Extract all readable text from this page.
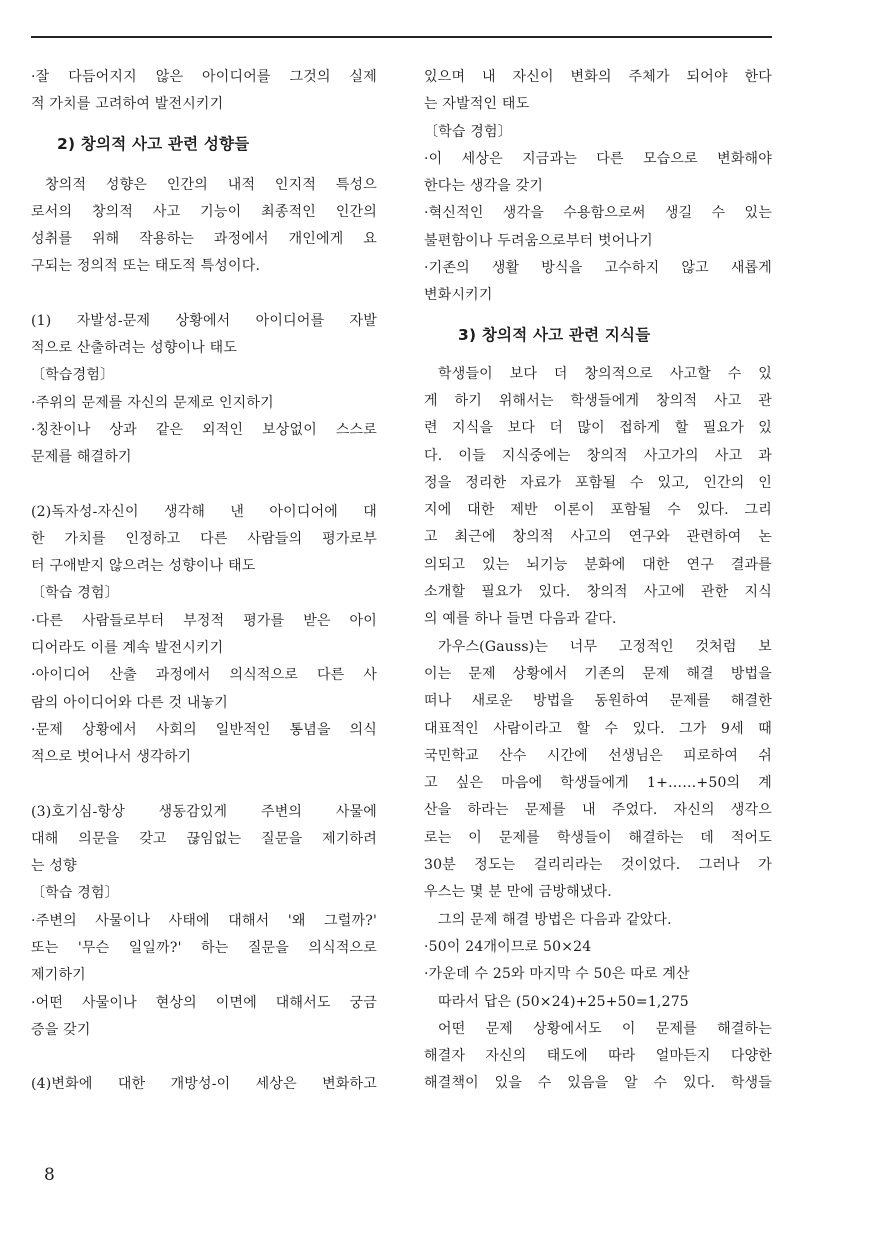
·잘 다듬어지지 않은 아이디어를 그것의 실제
적 가치를 고려하여 발전시키기
2) 창의적 사고 관련 성향들
창의적 성향은 인간의 내적 인지적 특성으
로서의 창의적 사고 기능이 최종적인 인간의
성취를 위해 작용하는 과정에서 개인에게 요
구되는 정의적 또는 태도적 특성이다.
(1) 자발성-문제 상황에서 아이디어를 자발
적으로 산출하려는 성향이나 태도
〔학습경험〕
·주위의 문제를 자신의 문제로 인지하기
·칭찬이나 상과 같은 외적인 보상없이 스스로
문제를 해결하기
(2)독자성-자신이 생각해 낸 아이디어에 대
한 가치를 인정하고 다른 사람들의 평가로부
터 구애받지 않으려는 성향이나 태도
〔학습 경험〕
·다른 사람들로부터 부정적 평가를 받은 아이
디어라도 이를 계속 발전시키기
·아이디어 산출 과정에서 의식적으로 다른 사
람의 아이디어와 다른 것 내놓기
·문제 상황에서 사회의 일반적인 통념을 의식
적으로 벗어나서 생각하기
(3)호기심-항상 생동감있게 주변의 사물에
대해 의문을 갖고 끊임없는 질문을 제기하려
는 성향
〔학습 경험〕
·주변의 사물이나 사태에 대해서 '왜 그럴까?'
또는 '무슨 일일까?' 하는 질문을 의식적으로
제기하기
·어떤 사물이나 현상의 이면에 대해서도 궁금
증을 갖기
(4)변화에 대한 개방성-이 세상은 변화하고
있으며 내 자신이 변화의 주체가 되어야 한다
는 자발적인 태도
〔학습 경험〕
·이 세상은 지금과는 다른 모습으로 변화해야
한다는 생각을 갖기
·혁신적인 생각을 수용함으로써 생길 수 있는
불편함이나 두려움으로부터 벗어나기
·기존의 생활 방식을 고수하지 않고 새롭게
변화시키기
3) 창의적 사고 관련 지식들
학생들이 보다 더 창의적으로 사고할 수 있
게 하기 위해서는 학생들에게 창의적 사고 관
련 지식을 보다 더 많이 접하게 할 필요가 있
다. 이들 지식중에는 창의적 사고가의 사고 과
정을 정리한 자료가 포함될 수 있고, 인간의 인
지에 대한 제반 이론이 포함될 수 있다. 그리
고 최근에 창의적 사고의 연구와 관련하여 논
의되고 있는 뇌기능 분화에 대한 연구 결과를
소개할 필요가 있다. 창의적 사고에 관한 지식
의 예를 하나 들면 다음과 같다.
가우스(Gauss)는 너무 고정적인 것처럼 보
이는 문제 상황에서 기존의 문제 해결 방법을
떠나 새로운 방법을 동원하여 문제를 해결한
대표적인 사람이라고 할 수 있다. 그가 9세 때
국민학교 산수 시간에 선생님은 피로하여 쉬
고 싶은 마음에 학생들에게 1+……+50의 계
산을 하라는 문제를 내 주었다. 자신의 생각으
로는 이 문제를 학생들이 해결하는 데 적어도
30분 정도는 걸리리라는 것이었다. 그러나 가
우스는 몇 분 만에 금방해냈다.
그의 문제 해결 방법은 다음과 같았다.
·50이 24개이므로 50×24
·가운데 수 25와 마지막 수 50은 따로 계산
따라서 답은 (50×24)+25+50=1,275
어떤 문제 상황에서도 이 문제를 해결하는
해결자 자신의 태도에 따라 얼마든지 다양한
해결책이 있을 수 있음을 알 수 있다. 학생들
8
